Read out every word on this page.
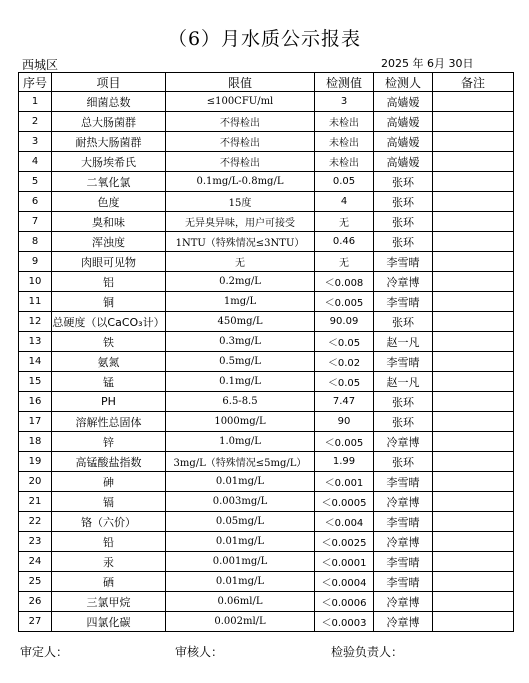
（6）月水质公示报表
西城区	2025 年 6月 30日
序号	项目	限值	检测值	检测人	备注
1	细菌总数	≤100CFU/ml	3	高嫱嫒	
2	总大肠菌群	不得检出	未检出	高嫱嫒	
3	耐热大肠菌群	不得检出	未检出	高嫱嫒	
4	大肠埃希氏	不得检出	未检出	高嫱嫒	
5	二氧化氯	0.1mg/L-0.8mg/L	0.05	张环	
6	色度	15度	4	张环	
7	臭和味	无异臭异味，用户可接受	无	张环	
8	浑浊度	1NTU（特殊情况≤3NTU）	0.46	张环	
9	肉眼可见物	无	无	李雪晴	
10	铝	0.2mg/L	＜0.008	冷章博	
11	铜	1mg/L	＜0.005	李雪晴	
12	总硬度（以CaCO₃计）	450mg/L	90.09	张环	
13	铁	0.3mg/L	＜0.05	赵一凡	
14	氨氮	0.5mg/L	＜0.02	李雪晴	
15	锰	0.1mg/L	＜0.05	赵一凡	
16	PH	6.5-8.5	7.47	张环	
17	溶解性总固体	1000mg/L	90	张环	
18	锌	1.0mg/L	＜0.005	冷章博	
19	高锰酸盐指数	3mg/L（特殊情况≤5mg/L）	1.99	张环	
20	砷	0.01mg/L	＜0.001	李雪晴	
21	镉	0.003mg/L	＜0.0005	冷章博	
22	铬（六价）	0.05mg/L	＜0.004	李雪晴	
23	铅	0.01mg/L	＜0.0025	冷章博	
24	汞	0.001mg/L	＜0.0001	李雪晴	
25	硒	0.01mg/L	＜0.0004	李雪晴	
26	三氯甲烷	0.06ml/L	＜0.0006	冷章博	
27	四氯化碳	0.002ml/L	＜0.0003	冷章博	
审定人：	审核人：	检验负责人：
